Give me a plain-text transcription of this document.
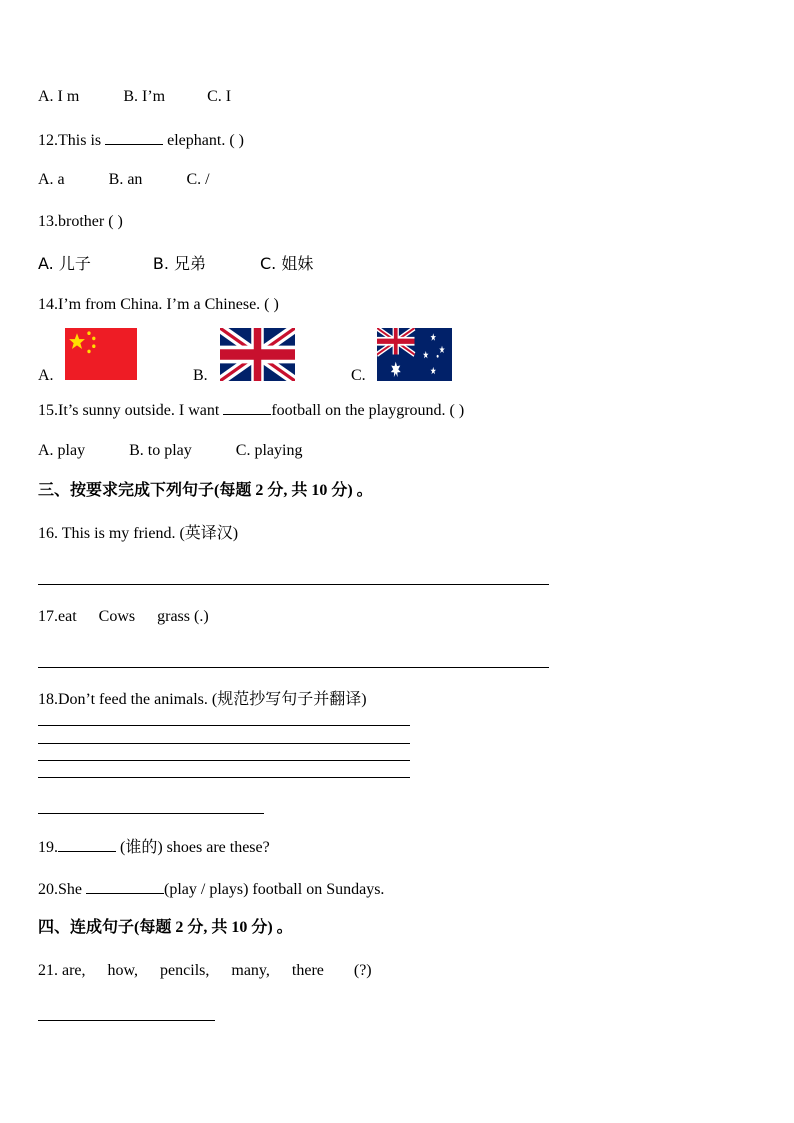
A. I m	B. I’m	C. I
12.This is	elephant. ( )
A. a	B. an	C. /
13.brother ( )
A. 儿子	B. 兄弟	C. 姐妹
14.I’m from China. I’m a Chinese. ( )
A.	B.	C.
15.It’s sunny outside. I want	football on the playground. ( )
A. play	B. to play	C. playing
三、按要求完成下列句子(每题 2 分, 共 10 分) 。
16. This is my friend. (英译汉)
17.eat Cows grass (.)
18.Don’t feed the animals. (规范抄写句子并翻译)
19.	(谁的) shoes are these?
20.She	(play / plays) football on Sundays.
四、连成句子(每题 2 分, 共 10 分) 。
21. are, how, pencils, many, there (?)
